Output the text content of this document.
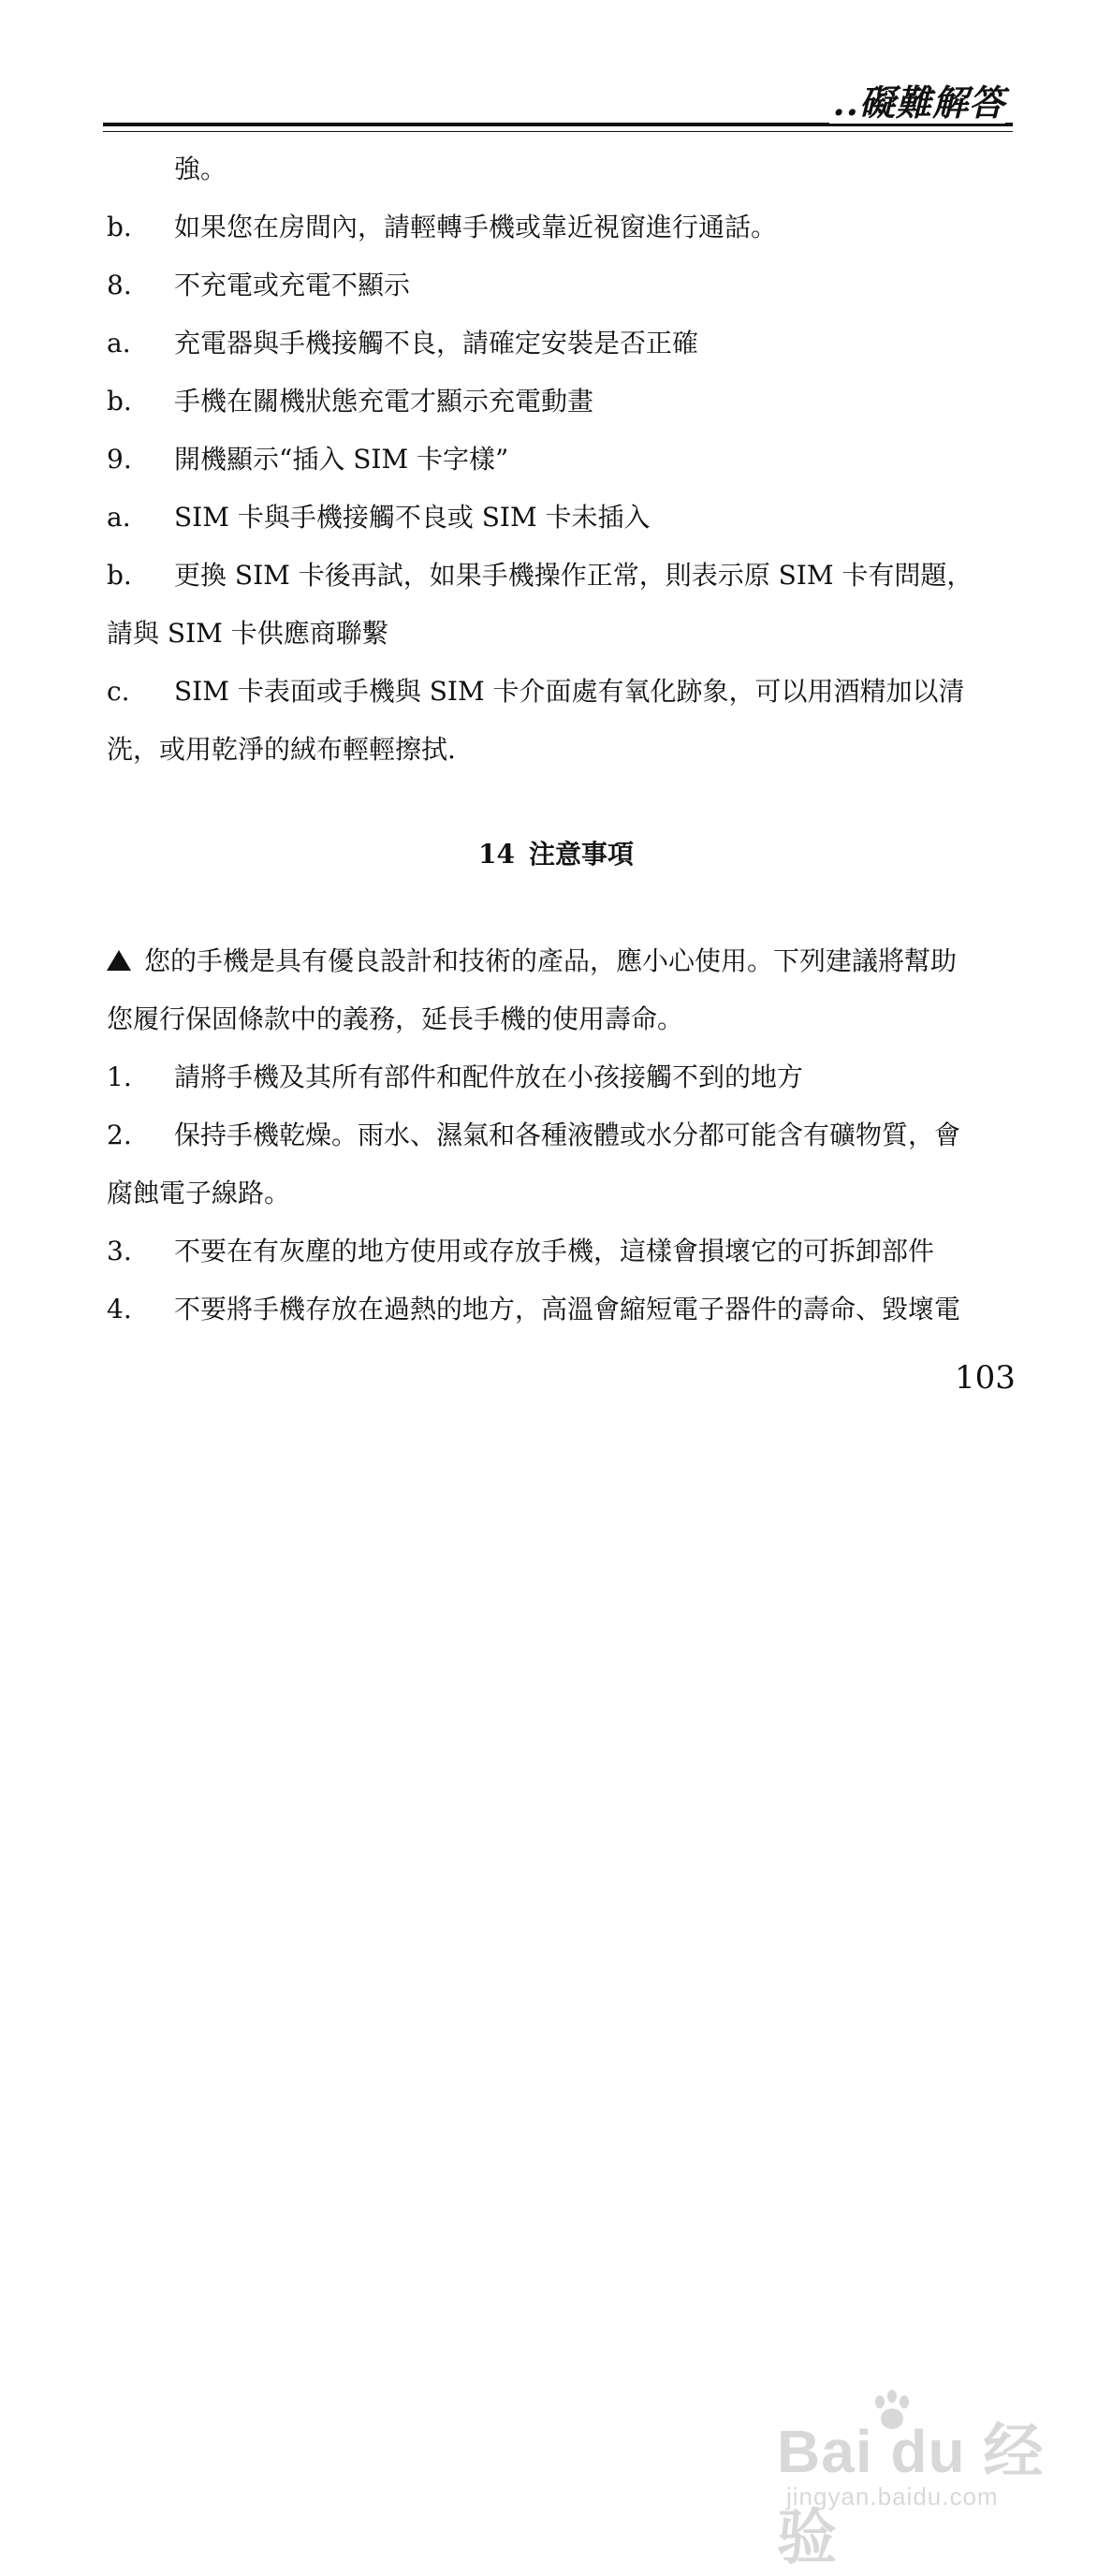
..礙難解答
強。
b. 如果您在房間內，請輕轉手機或靠近視窗進行通話。
8. 不充電或充電不顯示
a. 充電器與手機接觸不良，請確定安裝是否正確
b. 手機在關機狀態充電才顯示充電動畫
9. 開機顯示“插入 SIM 卡字樣”
a. SIM 卡與手機接觸不良或 SIM 卡未插入
b. 更換 SIM 卡後再試，如果手機操作正常，則表示原 SIM 卡有問題，
請與 SIM 卡供應商聯繫
c. SIM 卡表面或手機與 SIM 卡介面處有氧化跡象，可以用酒精加以清
洗，或用乾淨的絨布輕輕擦拭.
14 注意事項
您的手機是具有優良設計和技術的產品，應小心使用。下列建議將幫助
您履行保固條款中的義務，延長手機的使用壽命。
1. 請將手機及其所有部件和配件放在小孩接觸不到的地方
2. 保持手機乾燥。雨水、濕氣和各種液體或水分都可能含有礦物質，會
腐蝕電子線路。
3. 不要在有灰塵的地方使用或存放手機，這樣會損壞它的可拆卸部件
4. 不要將手機存放在過熱的地方，高溫會縮短電子器件的壽命、毀壞電
103
Bai du 经验
jingyan.baidu.com
